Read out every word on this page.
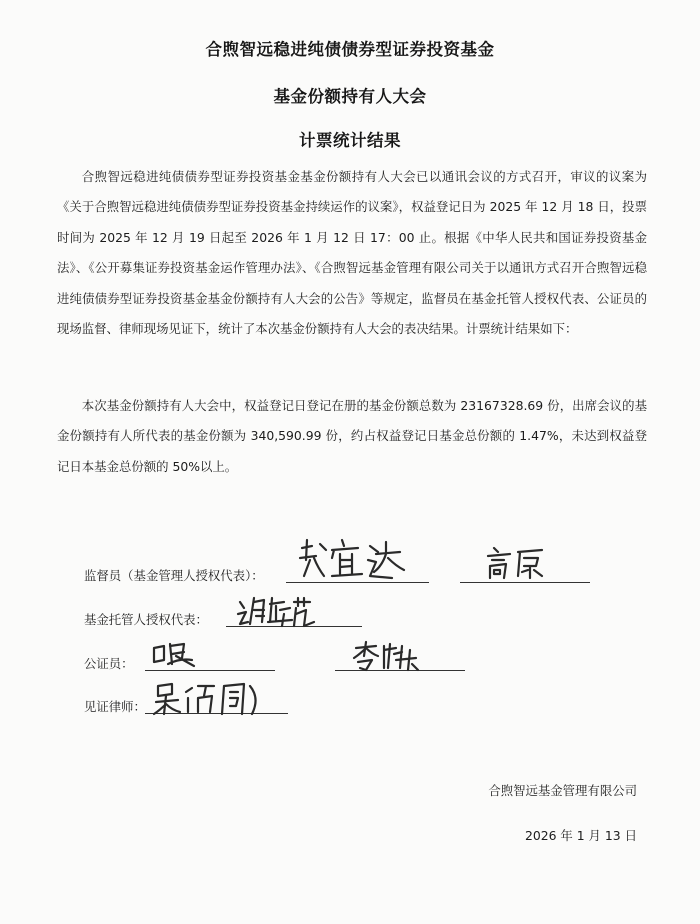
合煦智远稳进纯债债券型证券投资基金
基金份额持有人大会
计票统计结果

合煦智远稳进纯债债券型证券投资基金基金份额持有人大会已以通讯会议的方式召开，审议的议案为《关于合煦智远稳进纯债债券型证券投资基金持续运作的议案》，权益登记日为 2025 年 12 月 18 日，投票时间为 2025 年 12 月 19 日起至 2026 年 1 月 12 日 17：00 止。根据《中华人民共和国证券投资基金法》、《公开募集证券投资基金运作管理办法》、《合煦智远基金管理有限公司关于以通讯方式召开合煦智远稳进纯债债券型证券投资基金基金份额持有人大会的公告》等规定，监督员在基金托管人授权代表、公证员的现场监督、律师现场见证下，统计了本次基金份额持有人大会的表决结果。计票统计结果如下：

本次基金份额持有人大会中，权益登记日登记在册的基金份额总数为 23167328.69 份，出席会议的基金份额持有人所代表的基金份额为 340,590.99 份，约占权益登记日基金总份额的 1.47%，未达到权益登记日本基金总份额的 50%以上。

监督员（基金管理人授权代表）：
基金托管人授权代表：
公证员：
见证律师：
合煦智远基金管理有限公司
2026 年 1 月 13 日
